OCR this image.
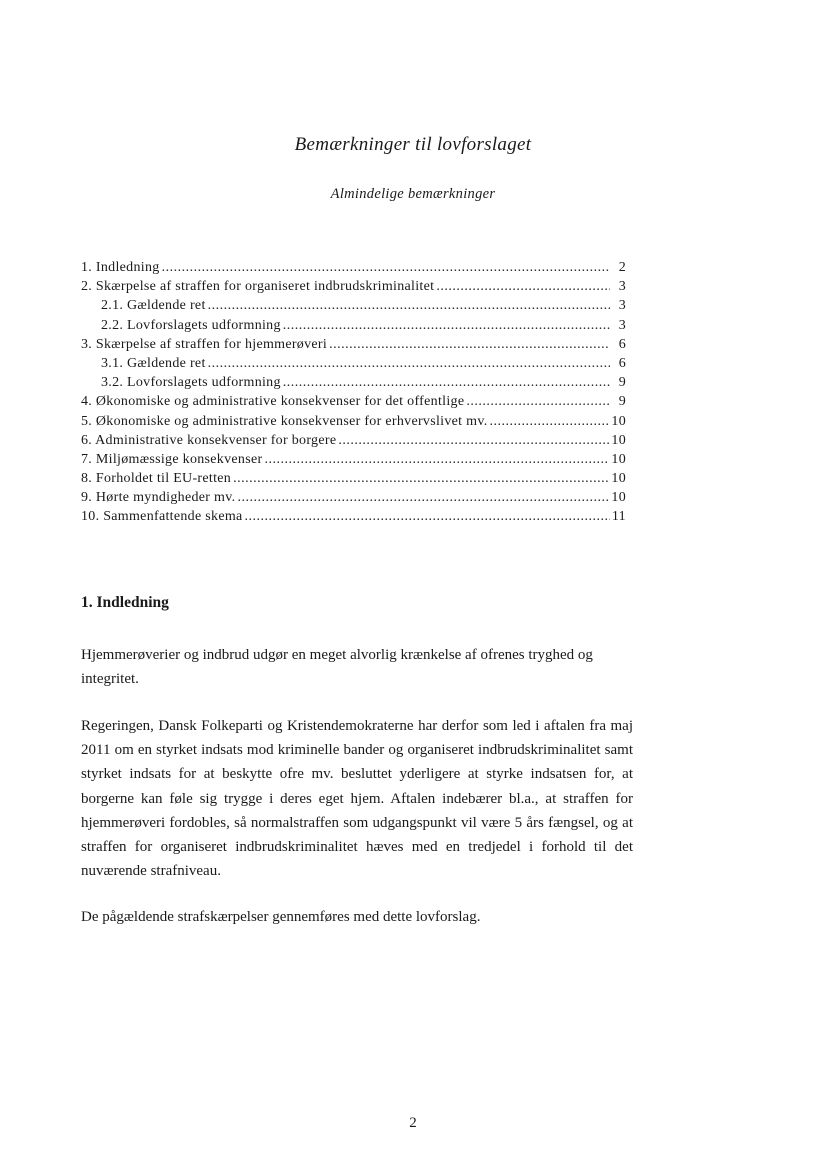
Bemærkninger til lovforslaget
Almindelige bemærkninger
1. Indledning .....	2
2. Skærpelse af straffen for organiseret indbrudskriminalitet .....	3
2.1. Gældende ret .....	3
2.2. Lovforslagets udformning .....	3
3. Skærpelse af straffen for hjemmerøveri .....	6
3.1. Gældende ret .....	6
3.2. Lovforslagets udformning .....	9
4. Økonomiske og administrative konsekvenser for det offentlige .....	9
5. Økonomiske og administrative konsekvenser for erhvervslivet mv. .....	10
6. Administrative konsekvenser for borgere .....	10
7. Miljømæssige konsekvenser .....	10
8. Forholdet til EU-retten .....	10
9. Hørte myndigheder mv. .....	10
10. Sammenfattende skema .....	11
1. Indledning

Hjemmerøverier og indbrud udgør en meget alvorlig krænkelse af ofrenes tryghed og integritet.

Regeringen, Dansk Folkeparti og Kristendemokraterne har derfor som led i aftalen fra maj 2011 om en styrket indsats mod kriminelle bander og organiseret indbrudskriminalitet samt styrket indsats for at beskytte ofre mv. besluttet yderligere at styrke indsatsen for, at borgerne kan føle sig trygge i deres eget hjem. Aftalen indebærer bl.a., at straffen for hjemmerøveri fordobles, så normalstraffen som udgangspunkt vil være 5 års fængsel, og at straffen for organiseret indbrudskriminalitet hæves med en tredjedel i forhold til det nuværende strafniveau.

De pågældende strafskærpelser gennemføres med dette lovforslag.

2
